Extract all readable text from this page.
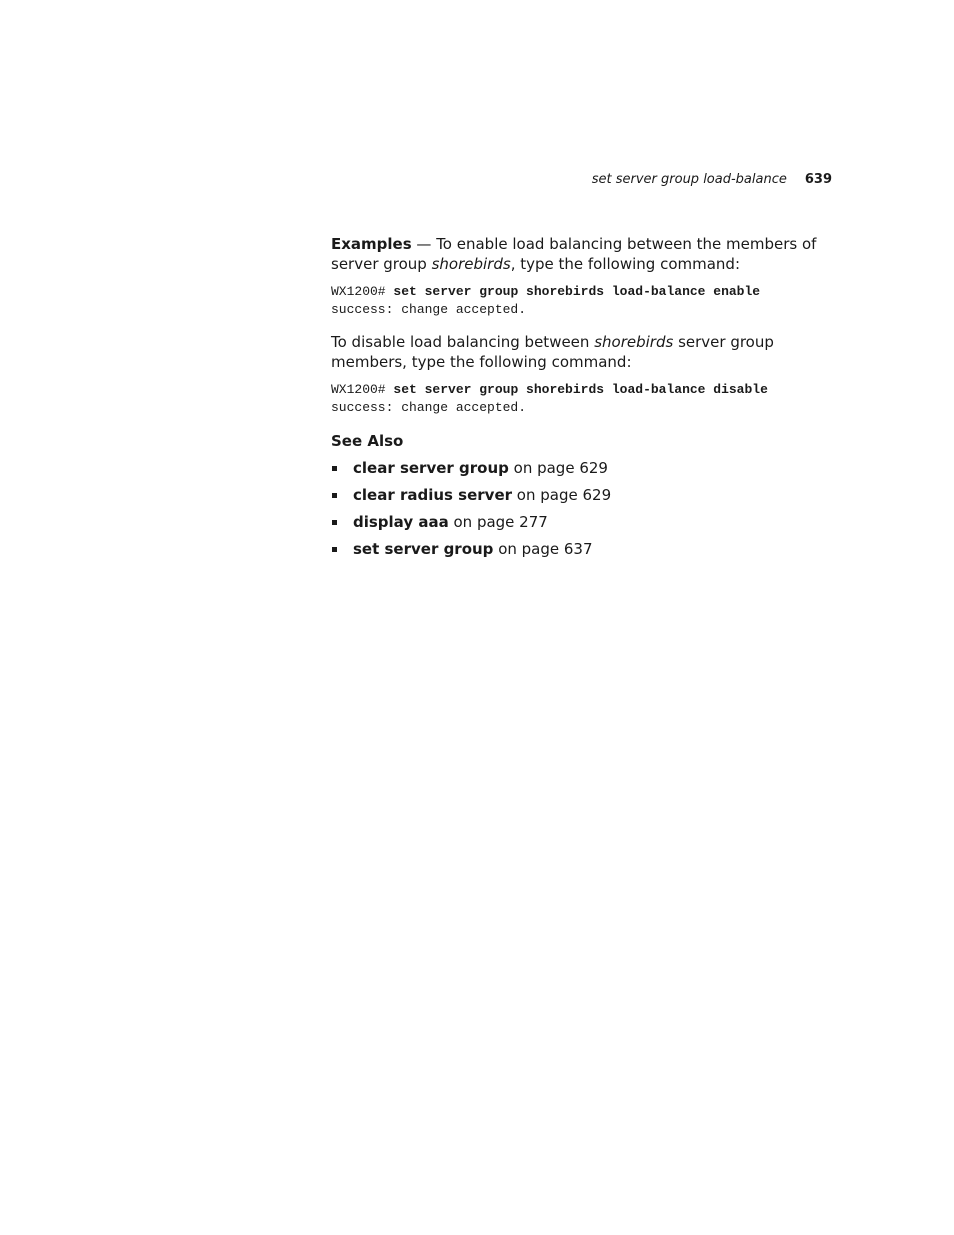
set server group load-balance 639

Examples — To enable load balancing between the members of server group shorebirds, type the following command:

WX1200# set server group shorebirds load-balance enable
success: change accepted.

To disable load balancing between shorebirds server group members, type the following command:

WX1200# set server group shorebirds load-balance disable
success: change accepted.
See Also
clear server group on page 629
clear radius server on page 629
display aaa on page 277
set server group on page 637
